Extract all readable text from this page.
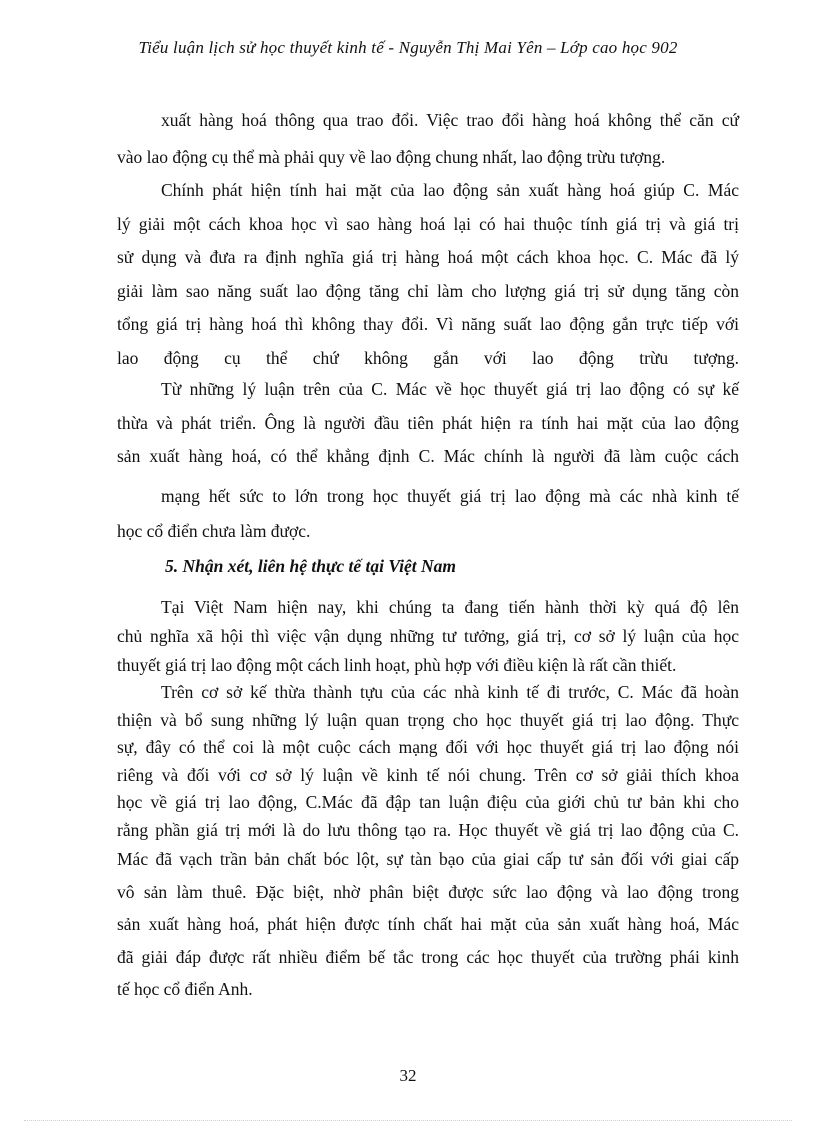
Tiểu luận lịch sử học thuyết kinh tế - Nguyễn Thị Mai Yên – Lớp cao học 902
xuất hàng hoá thông qua trao đổi. Việc trao đổi hàng hoá không thể căn cứ
vào lao động cụ thể mà phải quy về lao động chung nhất, lao động trừu tượng.
Chính phát hiện tính hai mặt của lao động sản xuất hàng hoá giúp C. Mác
lý giải một cách khoa học vì sao hàng hoá lại có hai thuộc tính giá trị và giá trị
sử dụng và đưa ra định nghĩa giá trị hàng hoá một cách khoa học. C. Mác đã lý
giải làm sao năng suất lao động tăng chỉ làm cho lượng giá trị sử dụng tăng còn
tổng giá trị hàng hoá thì không thay đổi. Vì năng suất lao động gắn trực tiếp với
lao động cụ thể chứ không gắn với lao động trừu tượng.
Từ những lý luận trên của C. Mác về học thuyết giá trị lao động có sự kế
thừa và phát triển. Ông là người đầu tiên phát hiện ra tính hai mặt của lao động
sản xuất hàng hoá, có thể khẳng định C. Mác chính là người đã làm cuộc cách
mạng hết sức to lớn trong học thuyết giá trị lao động mà các nhà kinh tế
học cổ điển chưa làm được.
5. Nhận xét, liên hệ thực tế tại Việt Nam
Tại Việt Nam hiện nay, khi chúng ta đang tiến hành thời kỳ quá độ lên
chủ nghĩa xã hội thì việc vận dụng những tư tưởng, giá trị, cơ sở lý luận của học
thuyết giá trị lao động một cách linh hoạt, phù hợp với điều kiện là rất cần thiết.
Trên cơ sở kế thừa thành tựu của các nhà kinh tế đi trước, C. Mác đã hoàn
thiện và bổ sung những lý luận quan trọng cho học thuyết giá trị lao động. Thực
sự, đây có thể coi là một cuộc cách mạng đối với học thuyết giá trị lao động nói
riêng và đối với cơ sở lý luận về kinh tế nói chung. Trên cơ sở giải thích khoa
học về giá trị lao động, C.Mác đã đập tan luận điệu của giới chủ tư bản khi cho
rằng phần giá trị mới là do lưu thông tạo ra. Học thuyết về giá trị lao động của C.
Mác đã vạch trần bản chất bóc lột, sự tàn bạo của giai cấp tư sản đối với giai cấp
vô sản làm thuê. Đặc biệt, nhờ phân biệt được sức lao động và lao động trong
sản xuất hàng hoá, phát hiện được tính chất hai mặt của sản xuất hàng hoá, Mác
đã giải đáp được rất nhiều điểm bế tắc trong các học thuyết của trường phái kinh
tế học cổ điển Anh.
32
